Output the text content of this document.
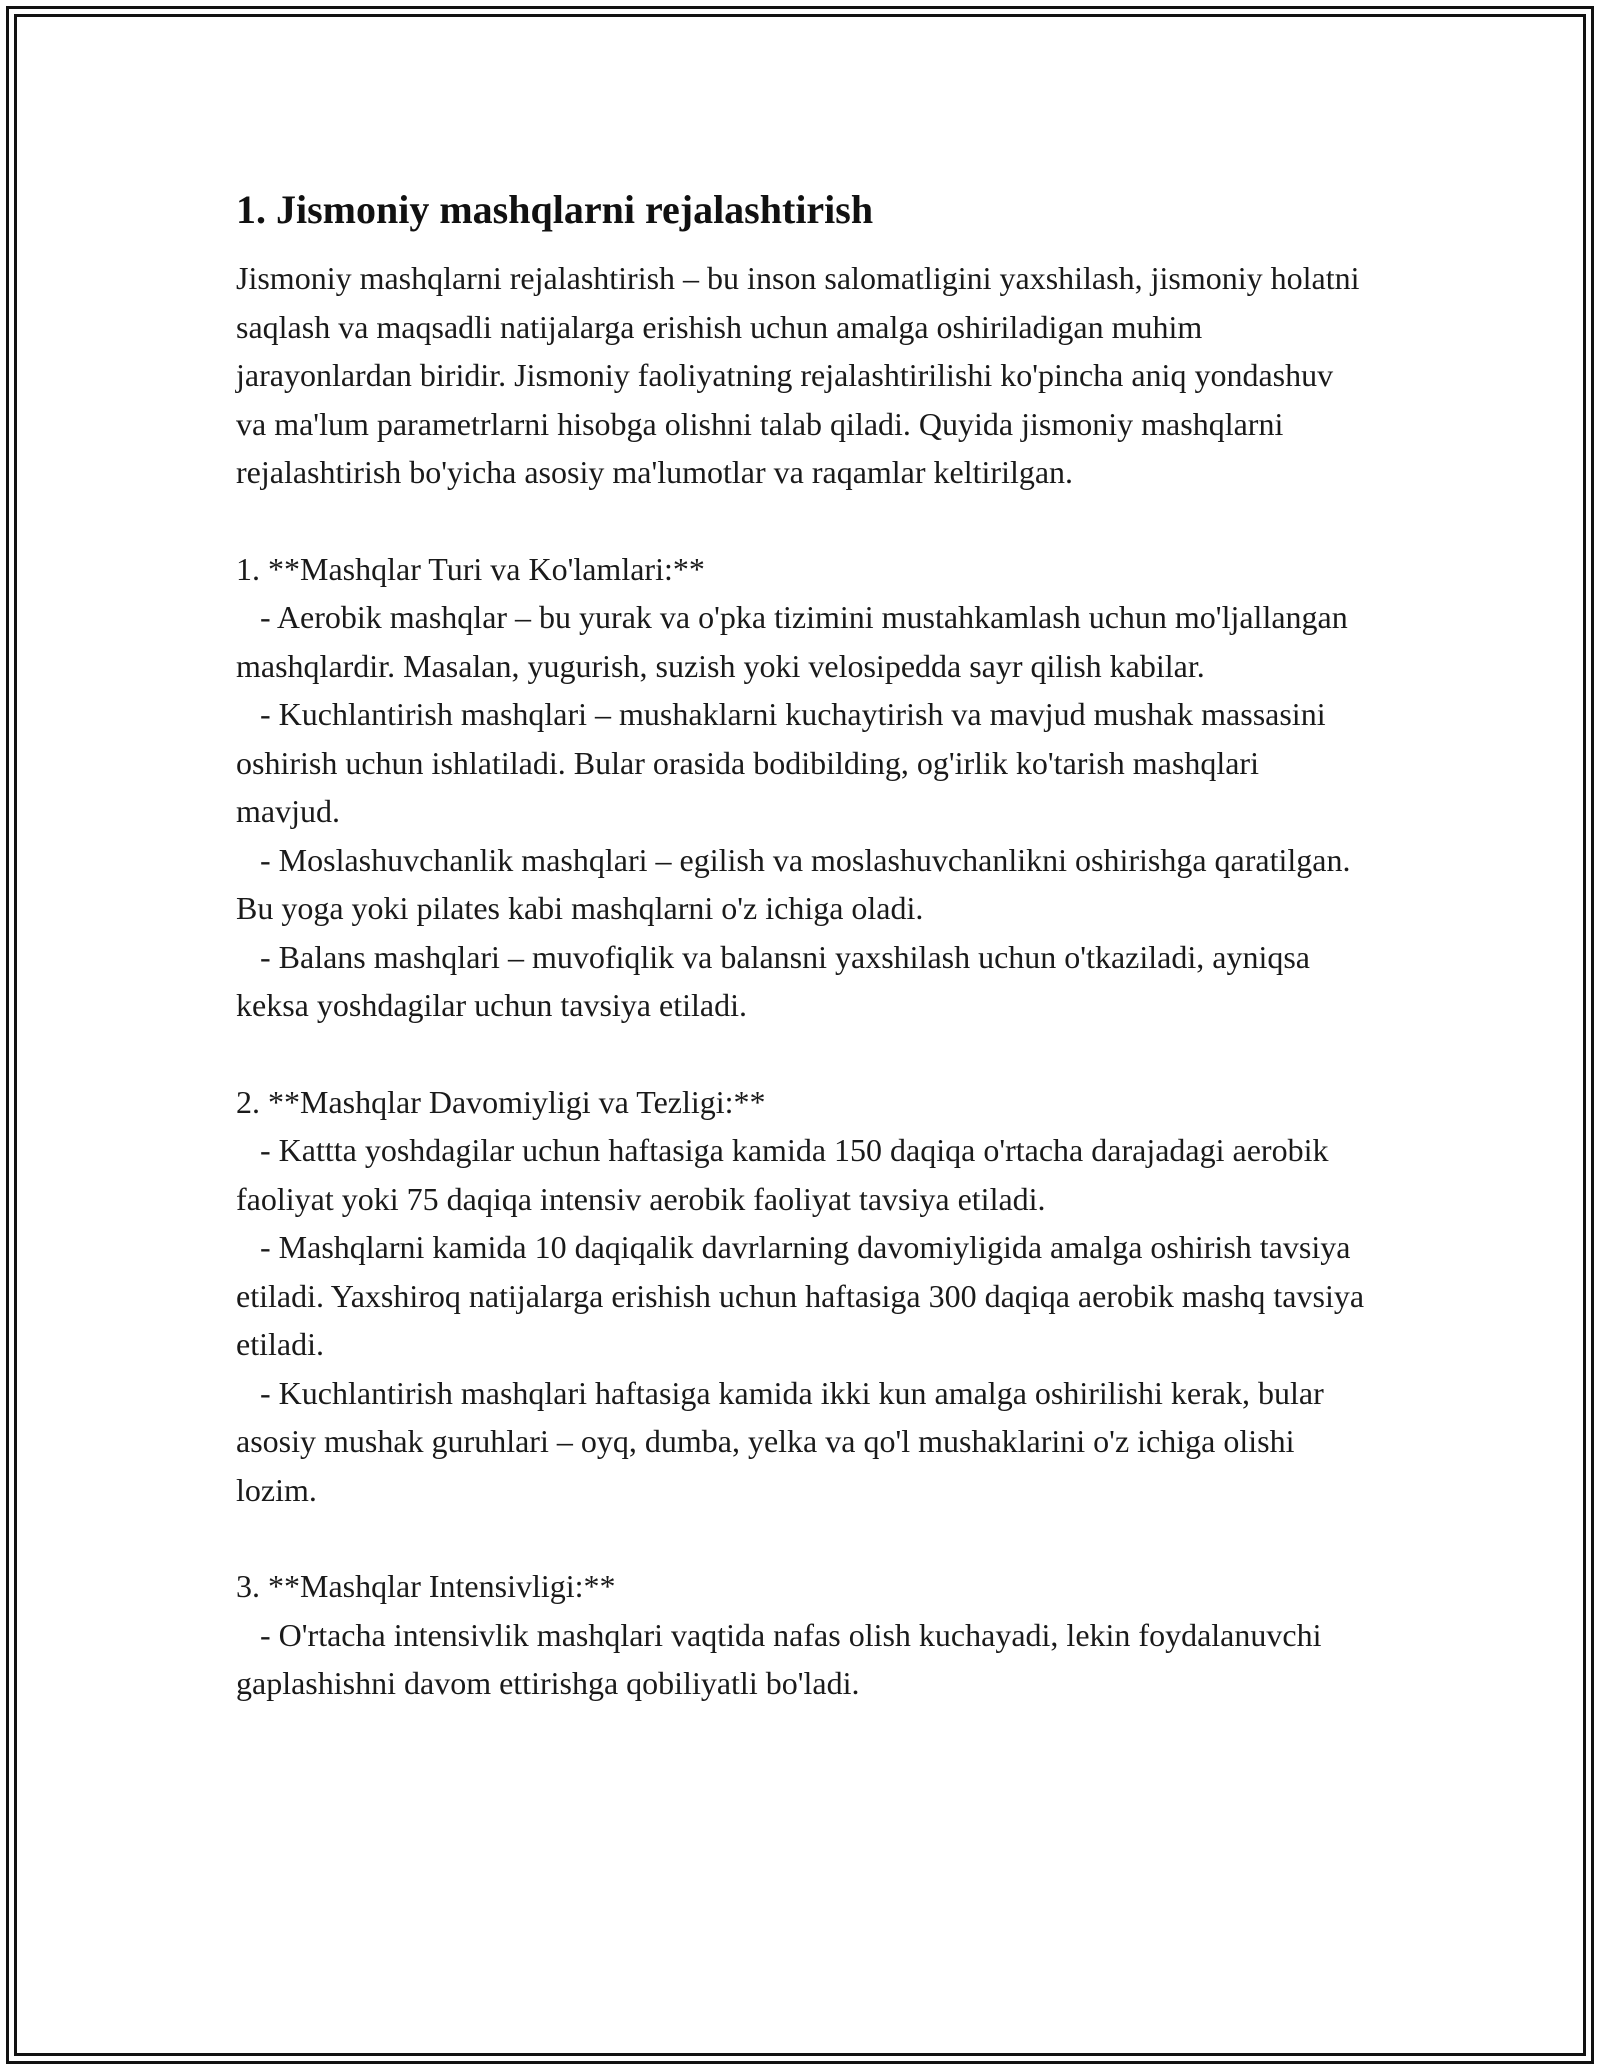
1. Jismoniy mashqlarni rejalashtirish

Jismoniy mashqlarni rejalashtirish – bu inson salomatligini yaxshilash, jismoniy holatni saqlash va maqsadli natijalarga erishish uchun amalga oshiriladigan muhim jarayonlardan biridir. Jismoniy faoliyatning rejalashtirilishi ko'pincha aniq yondashuv va ma'lum parametrlarni hisobga olishni talab qiladi. Quyida jismoniy mashqlarni rejalashtirish bo'yicha asosiy ma'lumotlar va raqamlar keltirilgan.

1. **Mashqlar Turi va Ko'lamlari:**

- Aerobik mashqlar – bu yurak va o'pka tizimini mustahkamlash uchun mo'ljallangan mashqlardir. Masalan, yugurish, suzish yoki velosipedda sayr qilish kabilar.

- Kuchlantirish mashqlari – mushaklarni kuchaytirish va mavjud mushak massasini oshirish uchun ishlatiladi. Bular orasida bodibilding, og'irlik ko'tarish mashqlari mavjud.

- Moslashuvchanlik mashqlari – egilish va moslashuvchanlikni oshirishga qaratilgan. Bu yoga yoki pilates kabi mashqlarni o'z ichiga oladi.

- Balans mashqlari – muvofiqlik va balansni yaxshilash uchun o'tkaziladi, ayniqsa keksa yoshdagilar uchun tavsiya etiladi.

2. **Mashqlar Davomiyligi va Tezligi:**

- Kattta yoshdagilar uchun haftasiga kamida 150 daqiqa o'rtacha darajadagi aerobik faoliyat yoki 75 daqiqa intensiv aerobik faoliyat tavsiya etiladi.

- Mashqlarni kamida 10 daqiqalik davrlarning davomiyligida amalga oshirish tavsiya etiladi. Yaxshiroq natijalarga erishish uchun haftasiga 300 daqiqa aerobik mashq tavsiya etiladi.

- Kuchlantirish mashqlari haftasiga kamida ikki kun amalga oshirilishi kerak, bular asosiy mushak guruhlari – oyq, dumba, yelka va qo'l mushaklarini o'z ichiga olishi lozim.

3. **Mashqlar Intensivligi:**

- O'rtacha intensivlik mashqlari vaqtida nafas olish kuchayadi, lekin foydalanuvchi gaplashishni davom ettirishga qobiliyatli bo'ladi.
